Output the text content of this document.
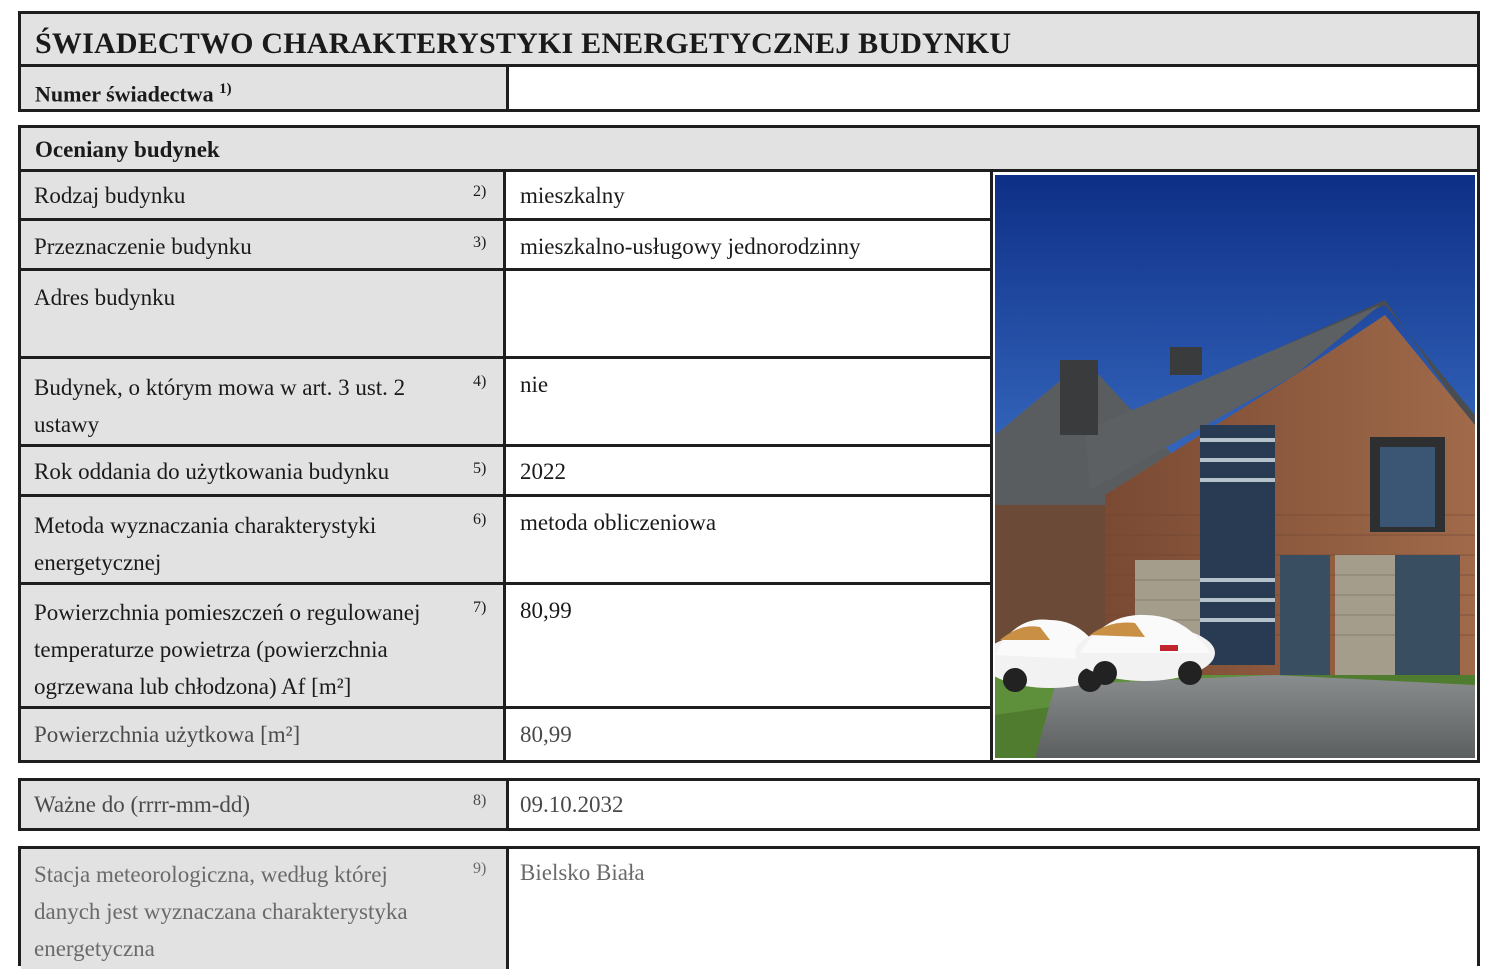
ŚWIADECTWO CHARAKTERYSTYKI ENERGETYCZNEJ BUDYNKU
Numer świadectwa $^{1)}$
Oceniany budynek
Rodzaj budynku	2)	mieszkalny
Przeznaczenie budynku	3)	mieszkalno-usługowy jednorodzinny
Adres budynku
Budynek, o którym mowa w art. 3 ust. 2
ustawy
4)	nie
Rok oddania do użytkowania budynku	5)	2022
Metoda wyznaczania charakterystyki
energetycznej
6)	metoda obliczeniowa
Powierzchnia pomieszczeń o regulowanej
temperaturze powietrza (powierzchnia
ogrzewana lub chłodzona) Af [m²]
7)	80,99
Powierzchnia użytkowa [m²]	80,99
Ważne do (rrrr-mm-dd)	8)	09.10.2032
Stacja meteorologiczna, według której
danych jest wyznaczana charakterystyka
energetyczna
9)	Bielsko Biała
